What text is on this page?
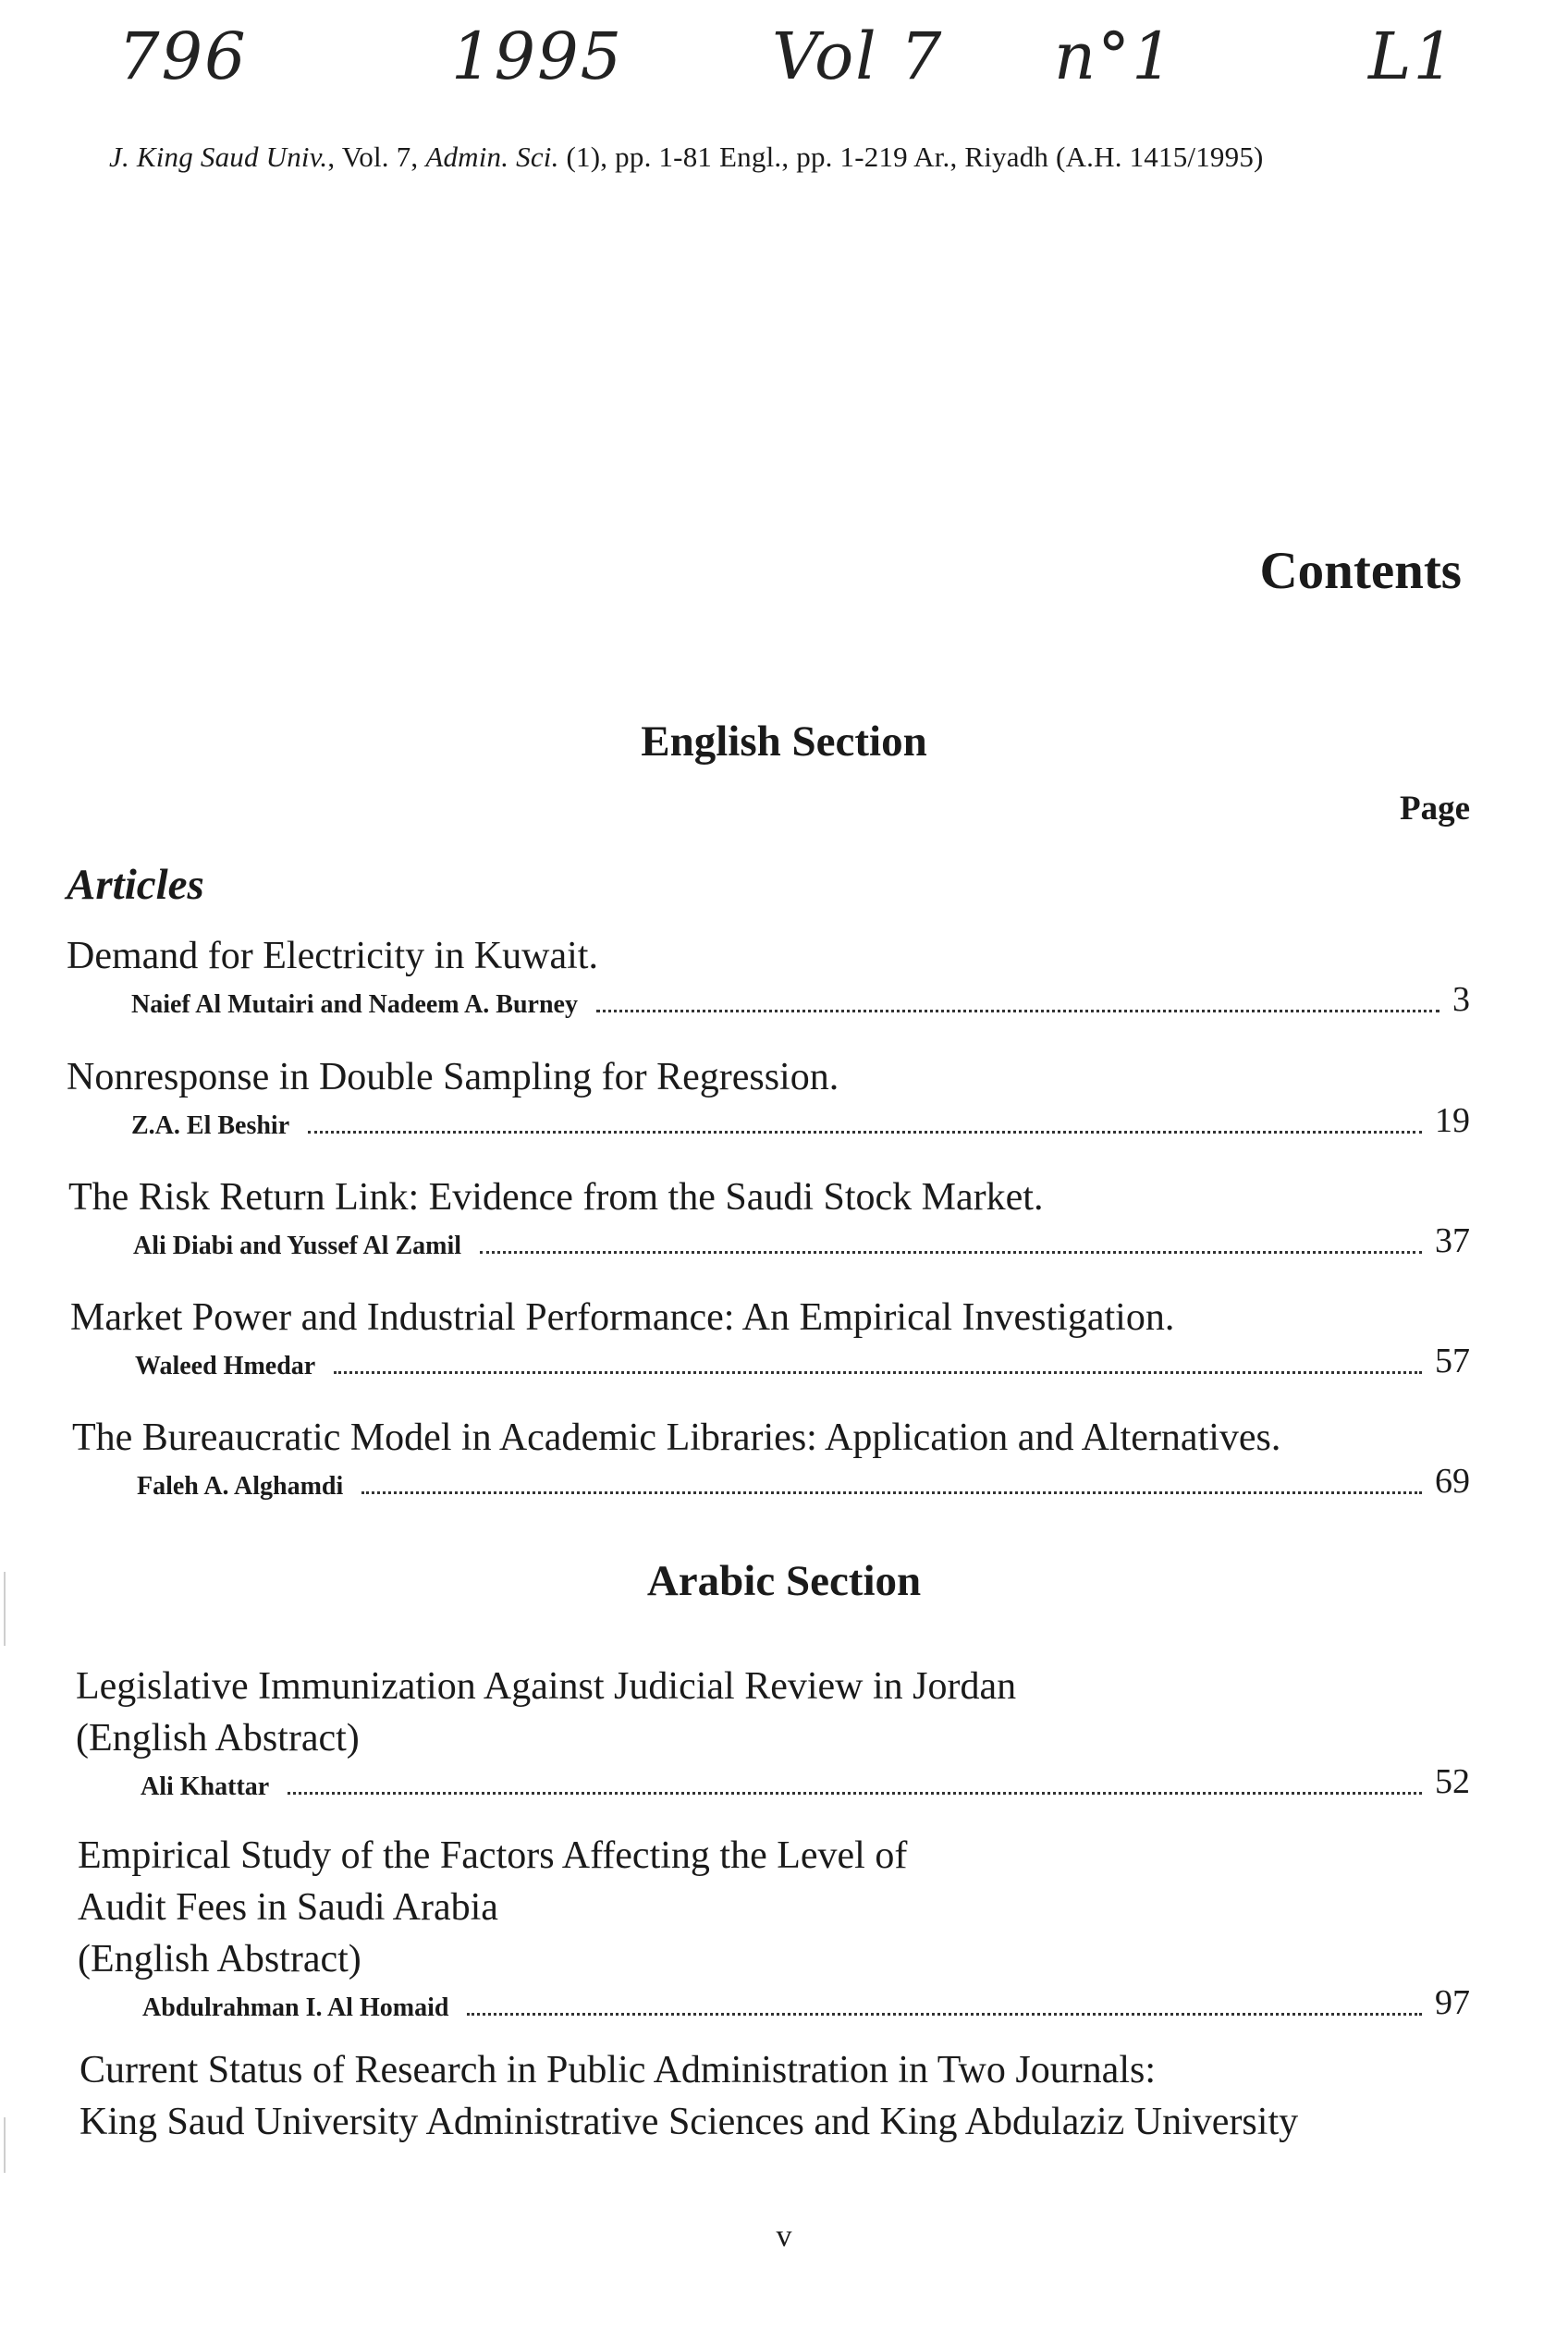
796	1995 Vol 7 n°1	L1
J. King Saud Univ., Vol. 7, Admin. Sci. (1), pp. 1-81 Engl., pp. 1-219 Ar., Riyadh (A.H. 1415/1995)
Contents
English Section
Page
Articles
Demand for Electricity in Kuwait.
Naief Al Mutairi and Nadeem A. Burney	3
Nonresponse in Double Sampling for Regression.
Z.A. El Beshir	19
The Risk Return Link: Evidence from the Saudi Stock Market.
Ali Diabi and Yussef Al Zamil	37
Market Power and Industrial Performance: An Empirical Investigation.
Waleed Hmedar	57
The Bureaucratic Model in Academic Libraries: Application and Alternatives.
Faleh A. Alghamdi	69
Arabic Section
Legislative Immunization Against Judicial Review in Jordan
(English Abstract)
Ali Khattar	52
Empirical Study of the Factors Affecting the Level of
Audit Fees in Saudi Arabia
(English Abstract)
Abdulrahman I. Al Homaid	97
Current Status of Research in Public Administration in Two Journals:
King Saud University Administrative Sciences and King Abdulaziz University
v
